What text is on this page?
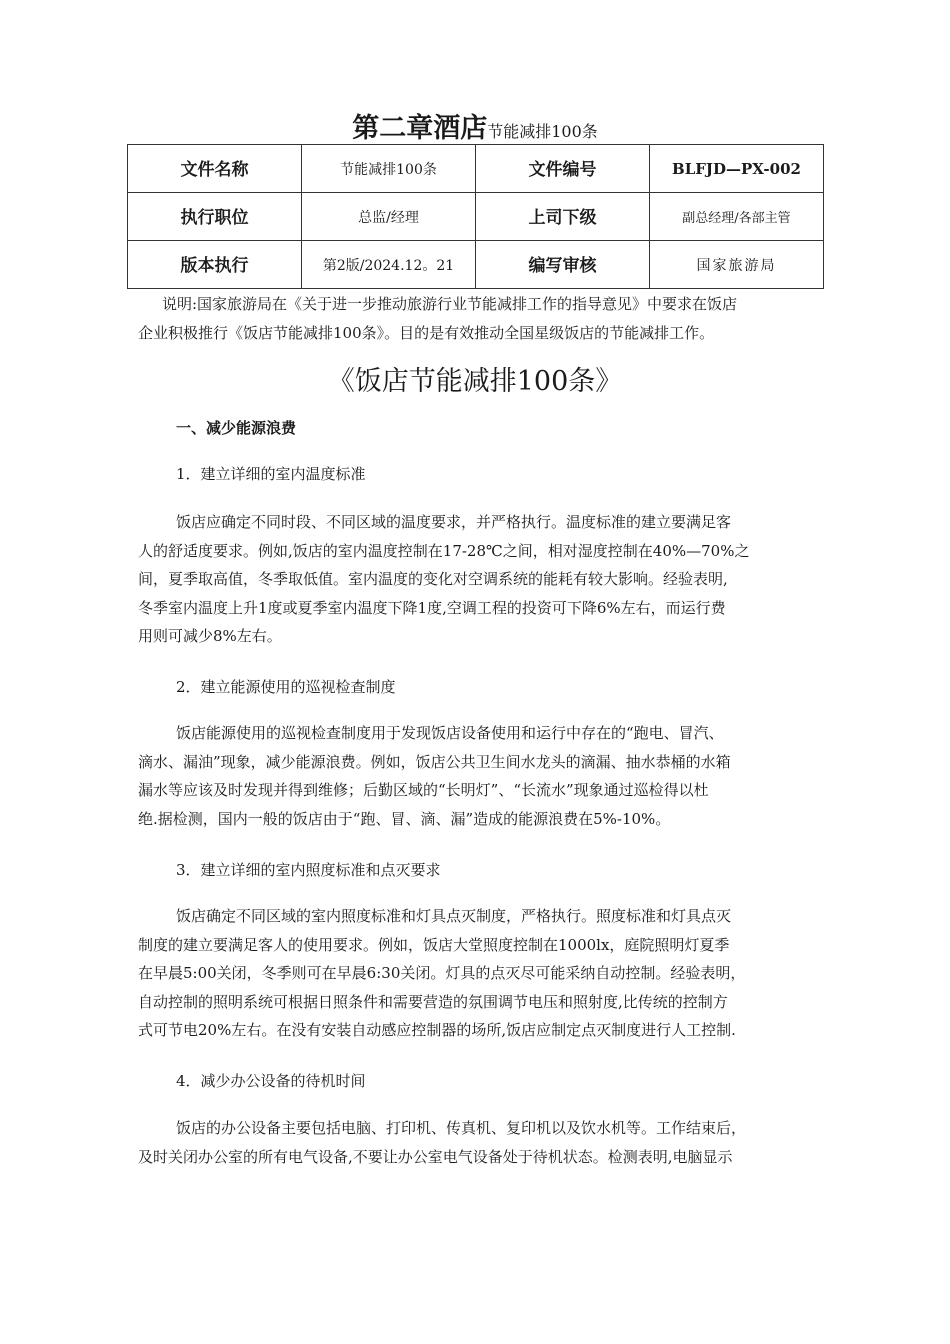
第二章酒店节能减排100条
文件名称	节能减排100条	文件编号	BLFJD—PX-002
执行职位	总监/经理	上司下级	副总经理/各部主管
版本执行	第2版/2024.12。21	编写审核	国家旅游局
说明:国家旅游局在《关于进一步推动旅游行业节能减排工作的指导意见》中要求在饭店
企业积极推行《饭店节能减排100条》。目的是有效推动全国星级饭店的节能减排工作。
《饭店节能减排100条》
一、减少能源浪费
1．建立详细的室内温度标准
饭店应确定不同时段、不同区域的温度要求，并严格执行。温度标准的建立要满足客
人的舒适度要求。例如,饭店的室内温度控制在17-28℃之间，相对湿度控制在40%—70%之
间，夏季取高值，冬季取低值。室内温度的变化对空调系统的能耗有较大影响。经验表明,
冬季室内温度上升1度或夏季室内温度下降1度,空调工程的投资可下降6%左右，而运行费
用则可减少8%左右。
2．建立能源使用的巡视检查制度
饭店能源使用的巡视检查制度用于发现饭店设备使用和运行中存在的“跑电、冒汽、
滴水、漏油”现象，减少能源浪费。例如，饭店公共卫生间水龙头的滴漏、抽水恭桶的水箱
漏水等应该及时发现并得到维修；后勤区域的“长明灯”、“长流水”现象通过巡检得以杜
绝.据检测，国内一般的饭店由于“跑、冒、滴、漏”造成的能源浪费在5%-10%。
3．建立详细的室内照度标准和点灭要求
饭店确定不同区域的室内照度标准和灯具点灭制度，严格执行。照度标准和灯具点灭
制度的建立要满足客人的使用要求。例如，饭店大堂照度控制在1000lx，庭院照明灯夏季
在早晨5:00关闭，冬季则可在早晨6:30关闭。灯具的点灭尽可能采纳自动控制。经验表明，
自动控制的照明系统可根据日照条件和需要营造的氛围调节电压和照射度,比传统的控制方
式可节电20%左右。在没有安装自动感应控制器的场所,饭店应制定点灭制度进行人工控制.
4．减少办公设备的待机时间
饭店的办公设备主要包括电脑、打印机、传真机、复印机以及饮水机等。工作结束后，
及时关闭办公室的所有电气设备,不要让办公室电气设备处于待机状态。检测表明,电脑显示
